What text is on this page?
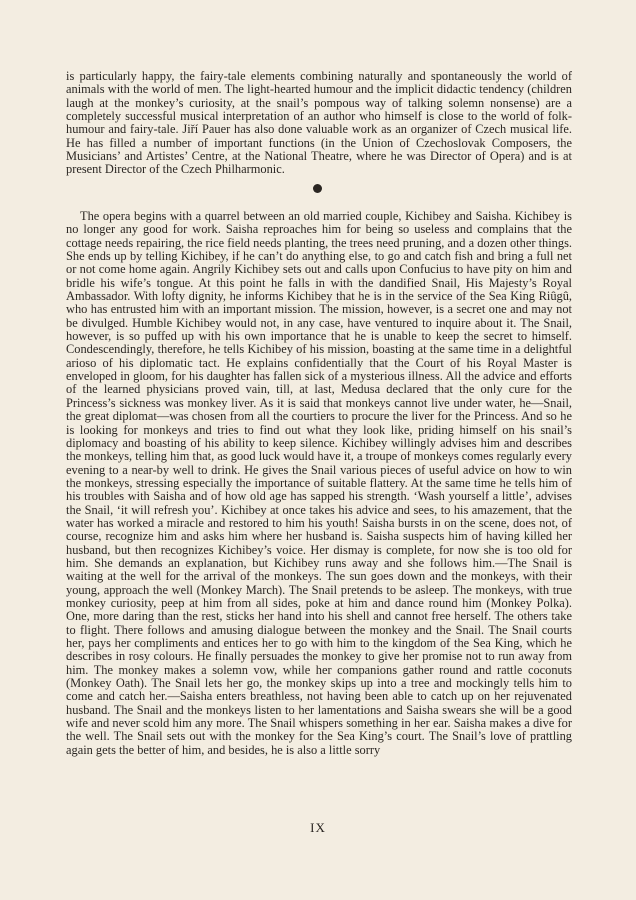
is particularly happy, the fairy-tale elements combining naturally and spontaneously the world of animals with the world of men. The light-hearted humour and the implicit didactic tendency (children laugh at the monkey’s curiosity, at the snail’s pompous way of talking solemn nonsense) are a completely successful musical interpretation of an author who himself is close to the world of folk-humour and fairy-tale. Jiří Pauer has also done valuable work as an organizer of Czech musical life. He has filled a number of important functions (in the Union of Czechoslovak Composers, the Musicians’ and Artistes’ Centre, at the National Theatre, where he was Director of Opera) and is at present Director of the Czech Philharmonic.

The opera begins with a quarrel between an old married couple, Kichibey and Saisha. Kichibey is no longer any good for work. Saisha reproaches him for being so useless and complains that the cottage needs repairing, the rice field needs planting, the trees need pruning, and a dozen other things. She ends up by telling Kichibey, if he can’t do anything else, to go and catch fish and bring a full net or not come home again. Angrily Kichibey sets out and calls upon Confucius to have pity on him and bridle his wife’s tongue. At this point he falls in with the dandified Snail, His Majesty’s Royal Ambassador. With lofty dignity, he informs Kichibey that he is in the service of the Sea King Riûgû, who has entrusted him with an important mission. The mission, however, is a secret one and may not be divulged. Humble Kichibey would not, in any case, have ventured to inquire about it. The Snail, however, is so puffed up with his own importance that he is unable to keep the secret to himself. Condescendingly, therefore, he tells Kichibey of his mission, boasting at the same time in a delightful arioso of his diplomatic tact. He explains confidentially that the Court of his Royal Master is enveloped in gloom, for his daughter has fallen sick of a mysterious illness. All the advice and efforts of the learned physicians proved vain, till, at last, Medusa declared that the only cure for the Princess’s sickness was monkey liver. As it is said that monkeys cannot live under water, he—Snail, the great diplomat—was chosen from all the courtiers to procure the liver for the Princess. And so he is looking for monkeys and tries to find out what they look like, priding himself on his snail’s diplomacy and boasting of his ability to keep silence. Kichibey willingly advises him and describes the monkeys, telling him that, as good luck would have it, a troupe of monkeys comes regularly every evening to a near-by well to drink. He gives the Snail various pieces of useful advice on how to win the monkeys, stressing especially the importance of suitable flattery. At the same time he tells him of his troubles with Saisha and of how old age has sapped his strength. ‘Wash yourself a little’, advises the Snail, ‘it will refresh you’. Kichibey at once takes his advice and sees, to his amazement, that the water has worked a miracle and restored to him his youth! Saisha bursts in on the scene, does not, of course, recognize him and asks him where her husband is. Saisha suspects him of having killed her husband, but then recognizes Kichibey’s voice. Her dismay is complete, for now she is too old for him. She demands an explanation, but Kichibey runs away and she follows him.—The Snail is waiting at the well for the arrival of the monkeys. The sun goes down and the monkeys, with their young, approach the well (Monkey March). The Snail pretends to be asleep. The monkeys, with true monkey curiosity, peep at him from all sides, poke at him and dance round him (Monkey Polka). One, more daring than the rest, sticks her hand into his shell and cannot free herself. The others take to flight. There follows and amusing dialogue between the monkey and the Snail. The Snail courts her, pays her compliments and entices her to go with him to the kingdom of the Sea King, which he describes in rosy colours. He finally persuades the monkey to give her promise not to run away from him. The monkey makes a solemn vow, while her companions gather round and rattle coconuts (Monkey Oath). The Snail lets her go, the monkey skips up into a tree and mockingly tells him to come and catch her.—Saisha enters breathless, not having been able to catch up on her rejuvenated husband. The Snail and the monkeys listen to her lamentations and Saisha swears she will be a good wife and never scold him any more. The Snail whispers something in her ear. Saisha makes a dive for the well. The Snail sets out with the monkey for the Sea King’s court. The Snail’s love of prattling again gets the better of him, and besides, he is also a little sorry

IX
